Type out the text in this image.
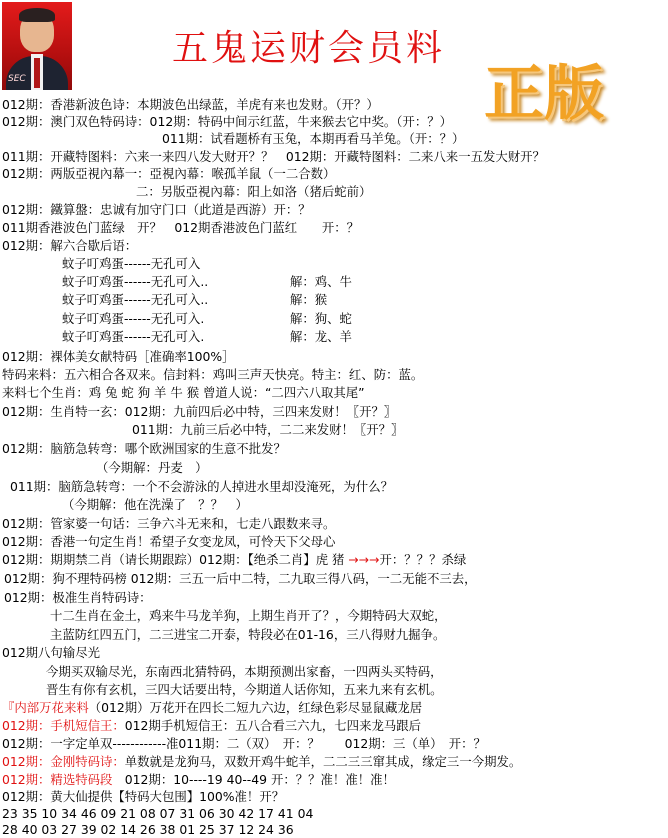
SEC
五鬼运财会员料
正版
012期：香港新波色诗：本期波色出绿蓝，羊虎有来也发财。（开？）
012期：澳门双色特码诗：012期：特码中间示红蓝，牛来猴去它中奖。（开：？）
011期：试看题桥有玉兔，本期再看马羊兔。（开：？）
011期：开藏特图料：六来一来四八发大财开？？　012期：开藏特图料：二来八来一五发大财开？
012期：两版亞視內幕一：亞視內幕：喉孤羊鼠（一二合数）
二：另版亞視內幕：阳上如洛（猪后蛇前）
012期：鐵算盤：忠诚有加守门口（此道是西游）开：？
011期香港波色门蓝绿　开？　012期香港波色门蓝红　　开：？
012期：解六合歇后语：
蚊子叮鸡蛋------无孔可入
蚊子叮鸡蛋------无孔可入..	解：鸡、牛
蚊子叮鸡蛋------无孔可入..	解：猴
蚊子叮鸡蛋------无孔可入.	解：狗、蛇
蚊子叮鸡蛋------无孔可入.	解：龙、羊
012期：裸体美女献特码［准确率100%］
特码来料：五六相合各双来。信封料：鸡叫三声天快亮。特主：红、防：蓝。
来料七个生肖：鸡 兔 蛇 狗 羊 牛 猴 曾道人说：“二四六八取其尾”
012期：生肖特一玄：012期：九前四后必中特，三四来发财！〖开？〗
011期：九前三后必中特，二二来发财！〖开？〗
012期：脑筋急转弯：哪个欧洲国家的生意不批发？
（今期解：丹麦　）
011期：脑筋急转弯：一个不会游泳的人掉进水里却没淹死，为什么？
（今期解：他在洗澡了　？？　）
012期：管家婆一句话：三争六斗无来和，七走八跟数来寻。
012期：香港一句定生肖！希望子女变龙凤，可怜天下父母心
012期：期期禁二肖（请长期跟踪）012期：【绝杀二肖】虎 猪 →→→开：？？？杀绿
012期：狗不理特码榜 012期：三五一后中二特，二九取三得八码，一二无能不三去，
012期：极准生肖特码诗：
十二生肖在金土，鸡来牛马龙羊狗，上期生肖开了？，今期特码大双蛇，
主蓝防红四五门，二三进宝二开泰，特段必在01-16，三八得财九掘争。
012期八句输尽光
今期买双输尽光，东南西北猜特码，本期预测出家畜，一四两头买特码，
晋生有你有玄机，三四大话要出特，今期道人话你知，五来九来有玄机。
『内部万花来料（012期）万花开在四长二短九六边，红绿色彩尽显鼠藏龙居
012期：手机短信王：012期手机短信王：五八合看三六九，七四来龙马跟后
012期：一字定单双------------准011期：二（双）　开：？　　012期：三（单）　开：？
012期：金刚特码诗：单数就是龙狗马，双数开鸡牛蛇羊，二二三三窜其成，缘定三一今期发。
012期：精选特码段　 012期：10----19 40--49 开：？？准！准！准！
012期：黄大仙提供【特码大包围】100%准！开？
23 35 10 34 46 09 21 08 07 31 06 30 42 17 41 04
28 40 03 27 39 02 14 26 38 01 25 37 12 24 36
